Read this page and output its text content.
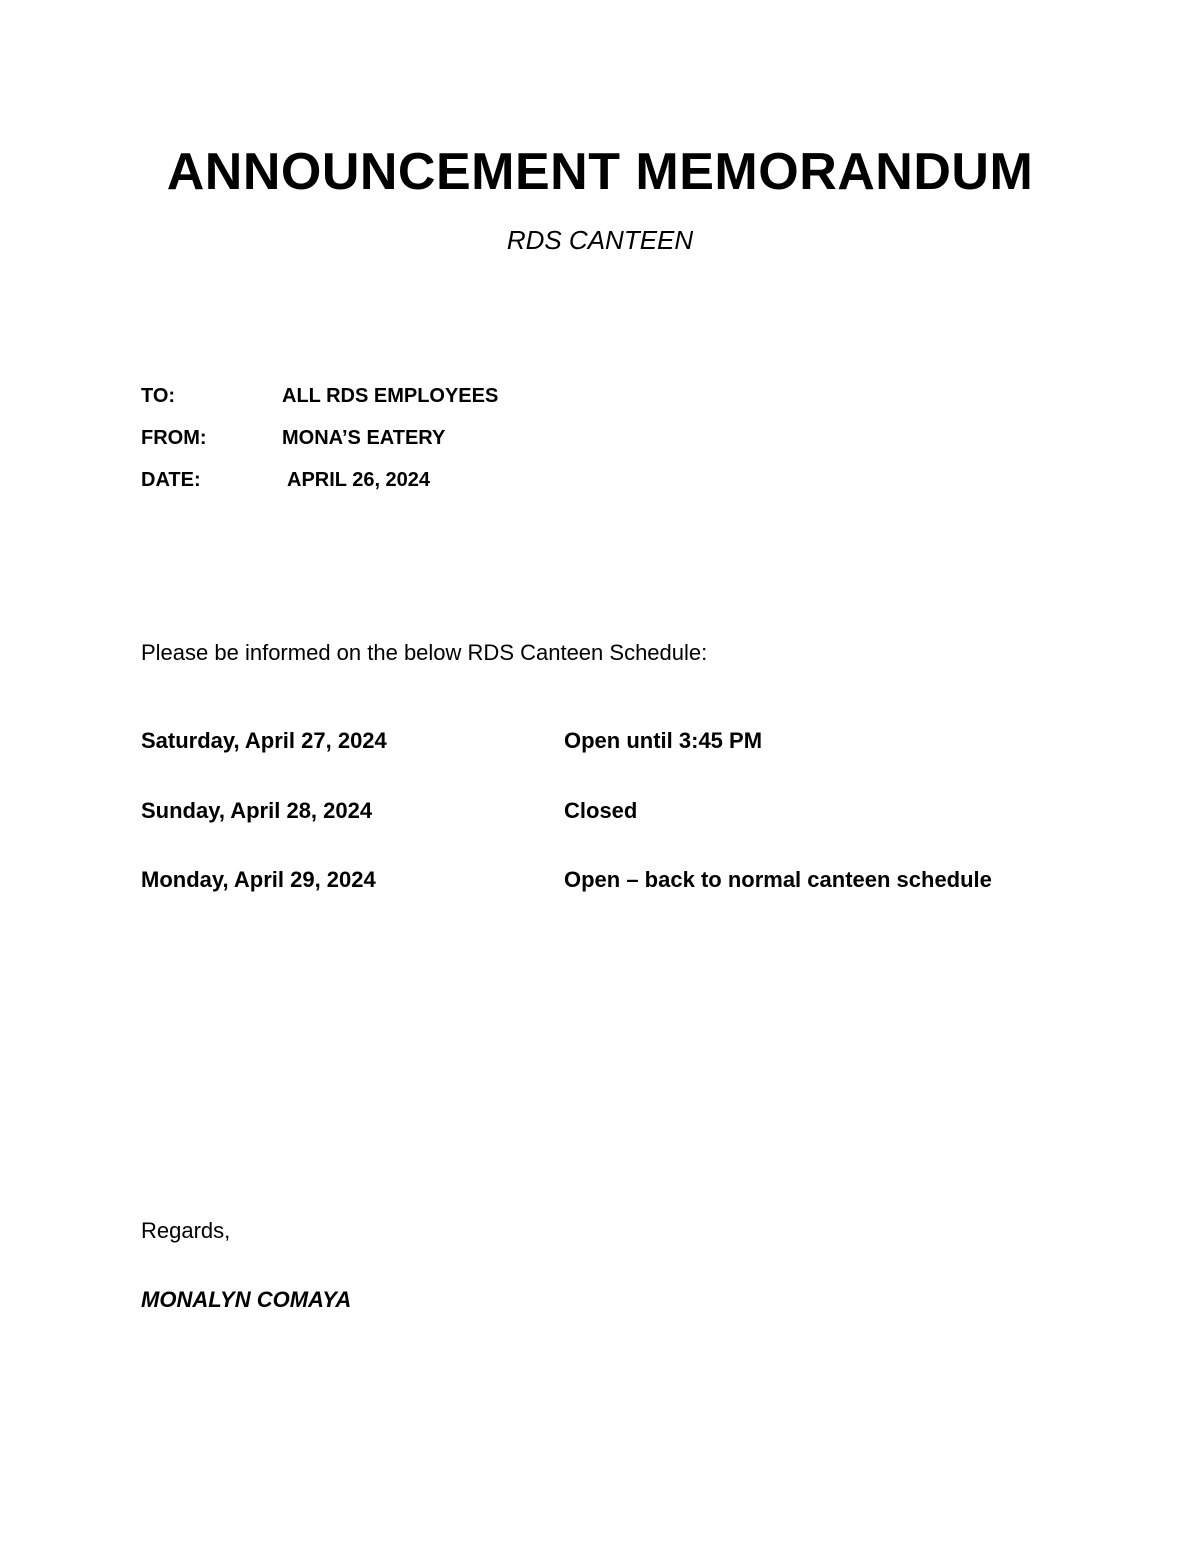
ANNOUNCEMENT MEMORANDUM
RDS CANTEEN
TO:	ALL RDS EMPLOYEES
FROM:	MONA’S EATERY
DATE:	APRIL 26, 2024
Please be informed on the below RDS Canteen Schedule:
Saturday, April 27, 2024	Open until 3:45 PM
Sunday, April 28, 2024	Closed
Monday, April 29, 2024	Open – back to normal canteen schedule
Regards,
MONALYN COMAYA
